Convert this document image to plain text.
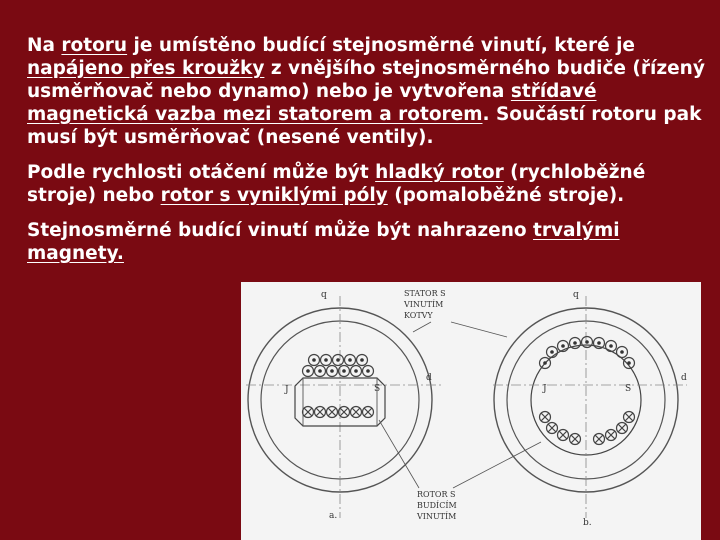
Na rotoru je umístěno budící stejnosměrné vinutí, které je napájeno přes kroužky z vnějšího stejnosměrného budiče (řízený usměrňovač nebo dynamo) nebo je vytvořena střídavé magnetická vazba mezi statorem a rotorem. Součástí rotoru pak musí být usměrňovač (nesené ventily).

Podle rychlosti otáčení může být hladký rotor (rychloběžné stroje) nebo rotor s vyniklými póly (pomaloběžné stroje).

Stejnosměrné budící vinutí může být nahrazeno trvalými magnety.

J	S
q
d
a.
J	S
q
d
b.
STATOR S
VINUTÍM
KOTVY
ROTOR S
BUDÍCÍM
VINUTÍM
